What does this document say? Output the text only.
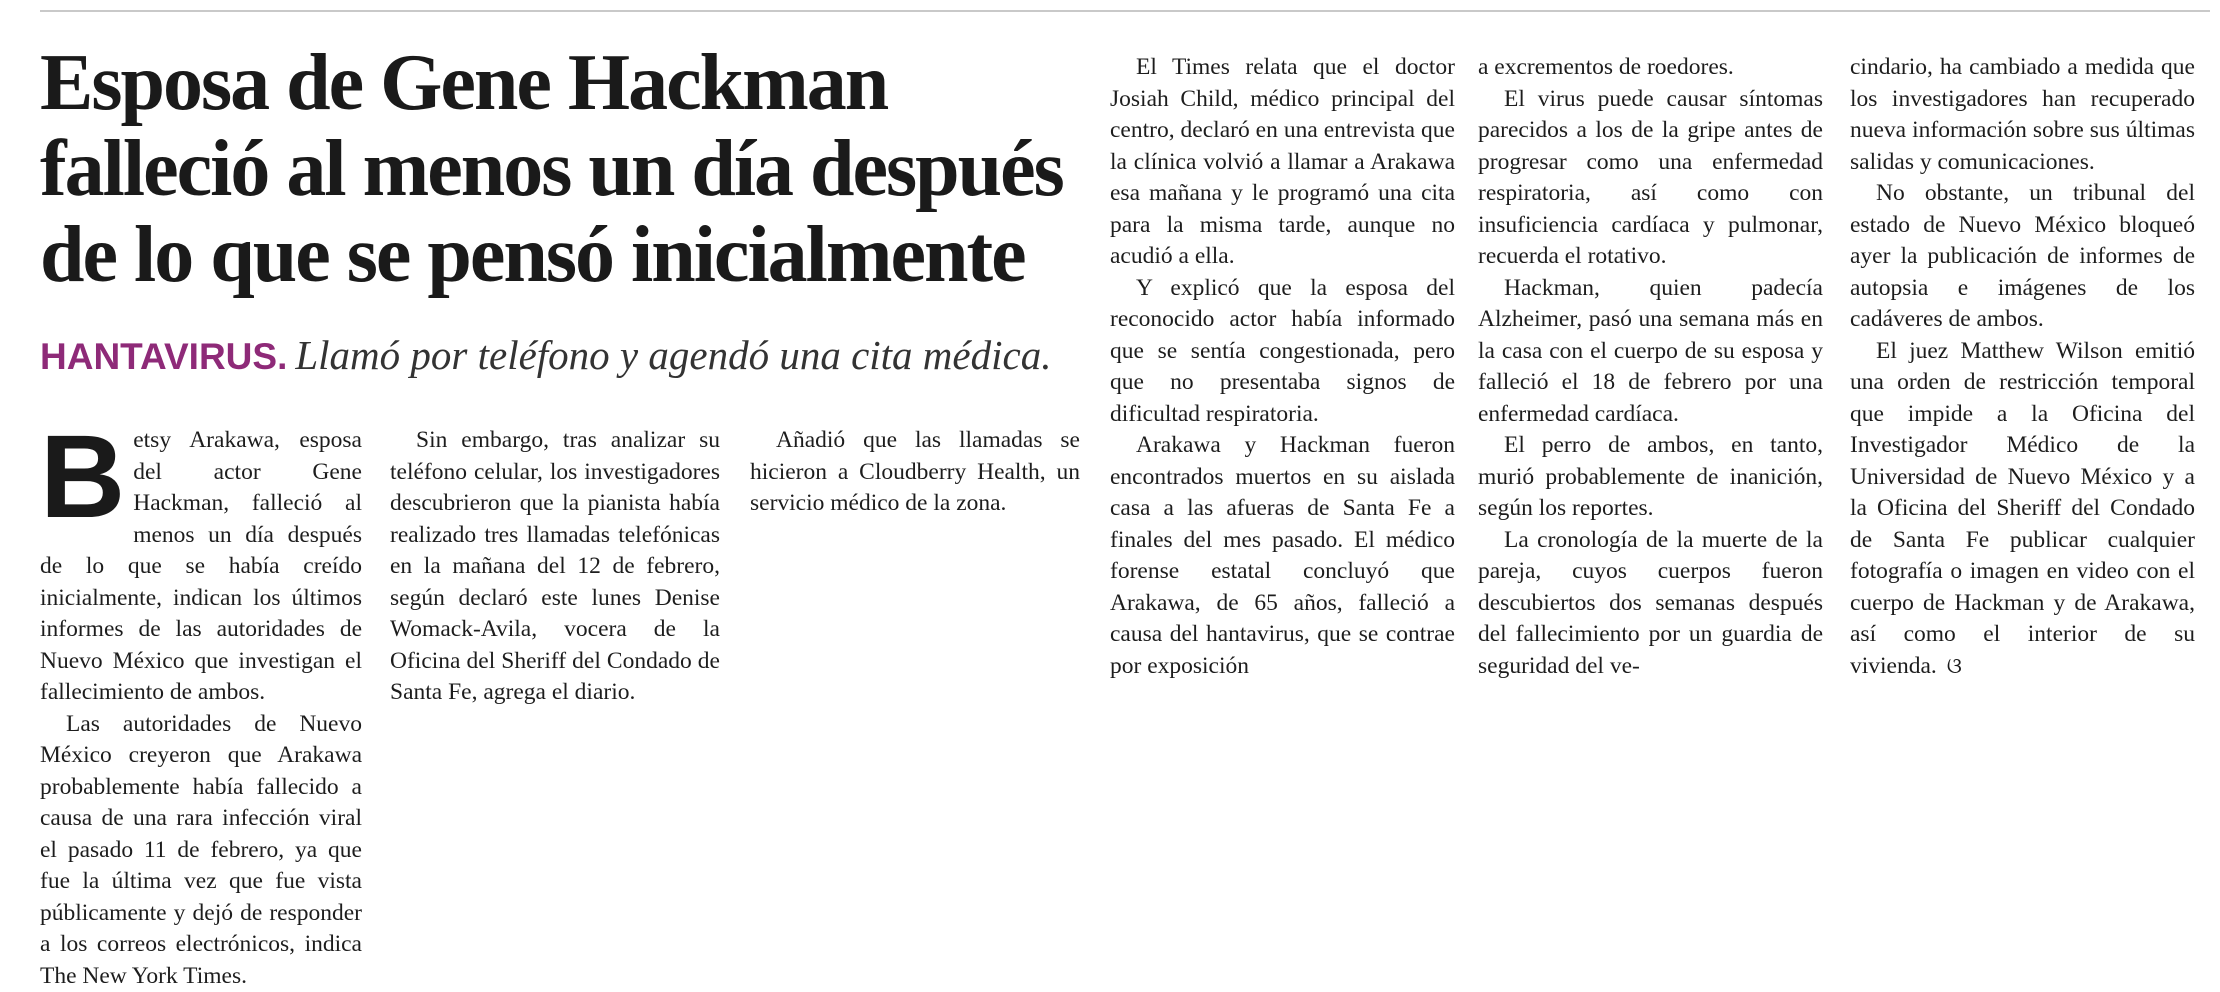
Esposa de Gene Hackman
falleció al menos un día después
de lo que se pensó inicialmente
HANTAVIRUS. Llamó por teléfono y agendó una cita médica.

Betsy Arakawa, esposa del actor Gene Hackman, falleció al menos un día después de lo que se había creído inicialmente, indican los últimos informes de las autoridades de Nuevo México que investigan el fallecimiento de ambos.

Las autoridades de Nuevo México creyeron que Arakawa probablemente había fallecido a causa de una rara infección viral el pasado 11 de febrero, ya que fue la última vez que fue vista públicamente y dejó de responder a los correos electrónicos, indica The New York Times.

Sin embargo, tras analizar su teléfono celular, los investigadores descubrieron que la pianista había realizado tres llamadas telefónicas en la mañana del 12 de febrero, según declaró este lunes Denise Womack-Avila, vocera de la Oficina del Sheriff del Condado de Santa Fe, agrega el diario.

Añadió que las llamadas se hicieron a Cloudberry Health, un servicio médico de la zona.

El Times relata que el doctor Josiah Child, médico principal del centro, declaró en una entrevista que la clínica volvió a llamar a Arakawa esa mañana y le programó una cita para la misma tarde, aunque no acudió a ella.

Y explicó que la esposa del reconocido actor había informado que se sentía congestionada, pero que no presentaba signos de dificultad respiratoria.

Arakawa y Hackman fueron encontrados muertos en su aislada casa a las afueras de Santa Fe a finales del mes pasado. El médico forense estatal concluyó que Arakawa, de 65 años, falleció a causa del hantavirus, que se contrae por exposición

a excrementos de roedores.

El virus puede causar síntomas parecidos a los de la gripe antes de progresar como una enfermedad respiratoria, así como con insuficiencia cardíaca y pulmonar, recuerda el rotativo.

Hackman, quien padecía Alzheimer, pasó una semana más en la casa con el cuerpo de su esposa y falleció el 18 de febrero por una enfermedad cardíaca.

El perro de ambos, en tanto, murió probablemente de inanición, según los reportes.

La cronología de la muerte de la pareja, cuyos cuerpos fueron descubiertos dos semanas después del fallecimiento por un guardia de seguridad del ve-

cindario, ha cambiado a medida que los investigadores han recuperado nueva información sobre sus últimas salidas y comunicaciones.

No obstante, un tribunal del estado de Nuevo México bloqueó ayer la publicación de informes de autopsia e imágenes de los cadáveres de ambos.

El juez Matthew Wilson emitió una orden de restricción temporal que impide a la Oficina del Investigador Médico de la Universidad de Nuevo México y a la Oficina del Sheriff del Condado de Santa Fe publicar cualquier fotografía o imagen en video con el cuerpo de Hackman y de Arakawa, así como el interior de su vivienda. ଓ
